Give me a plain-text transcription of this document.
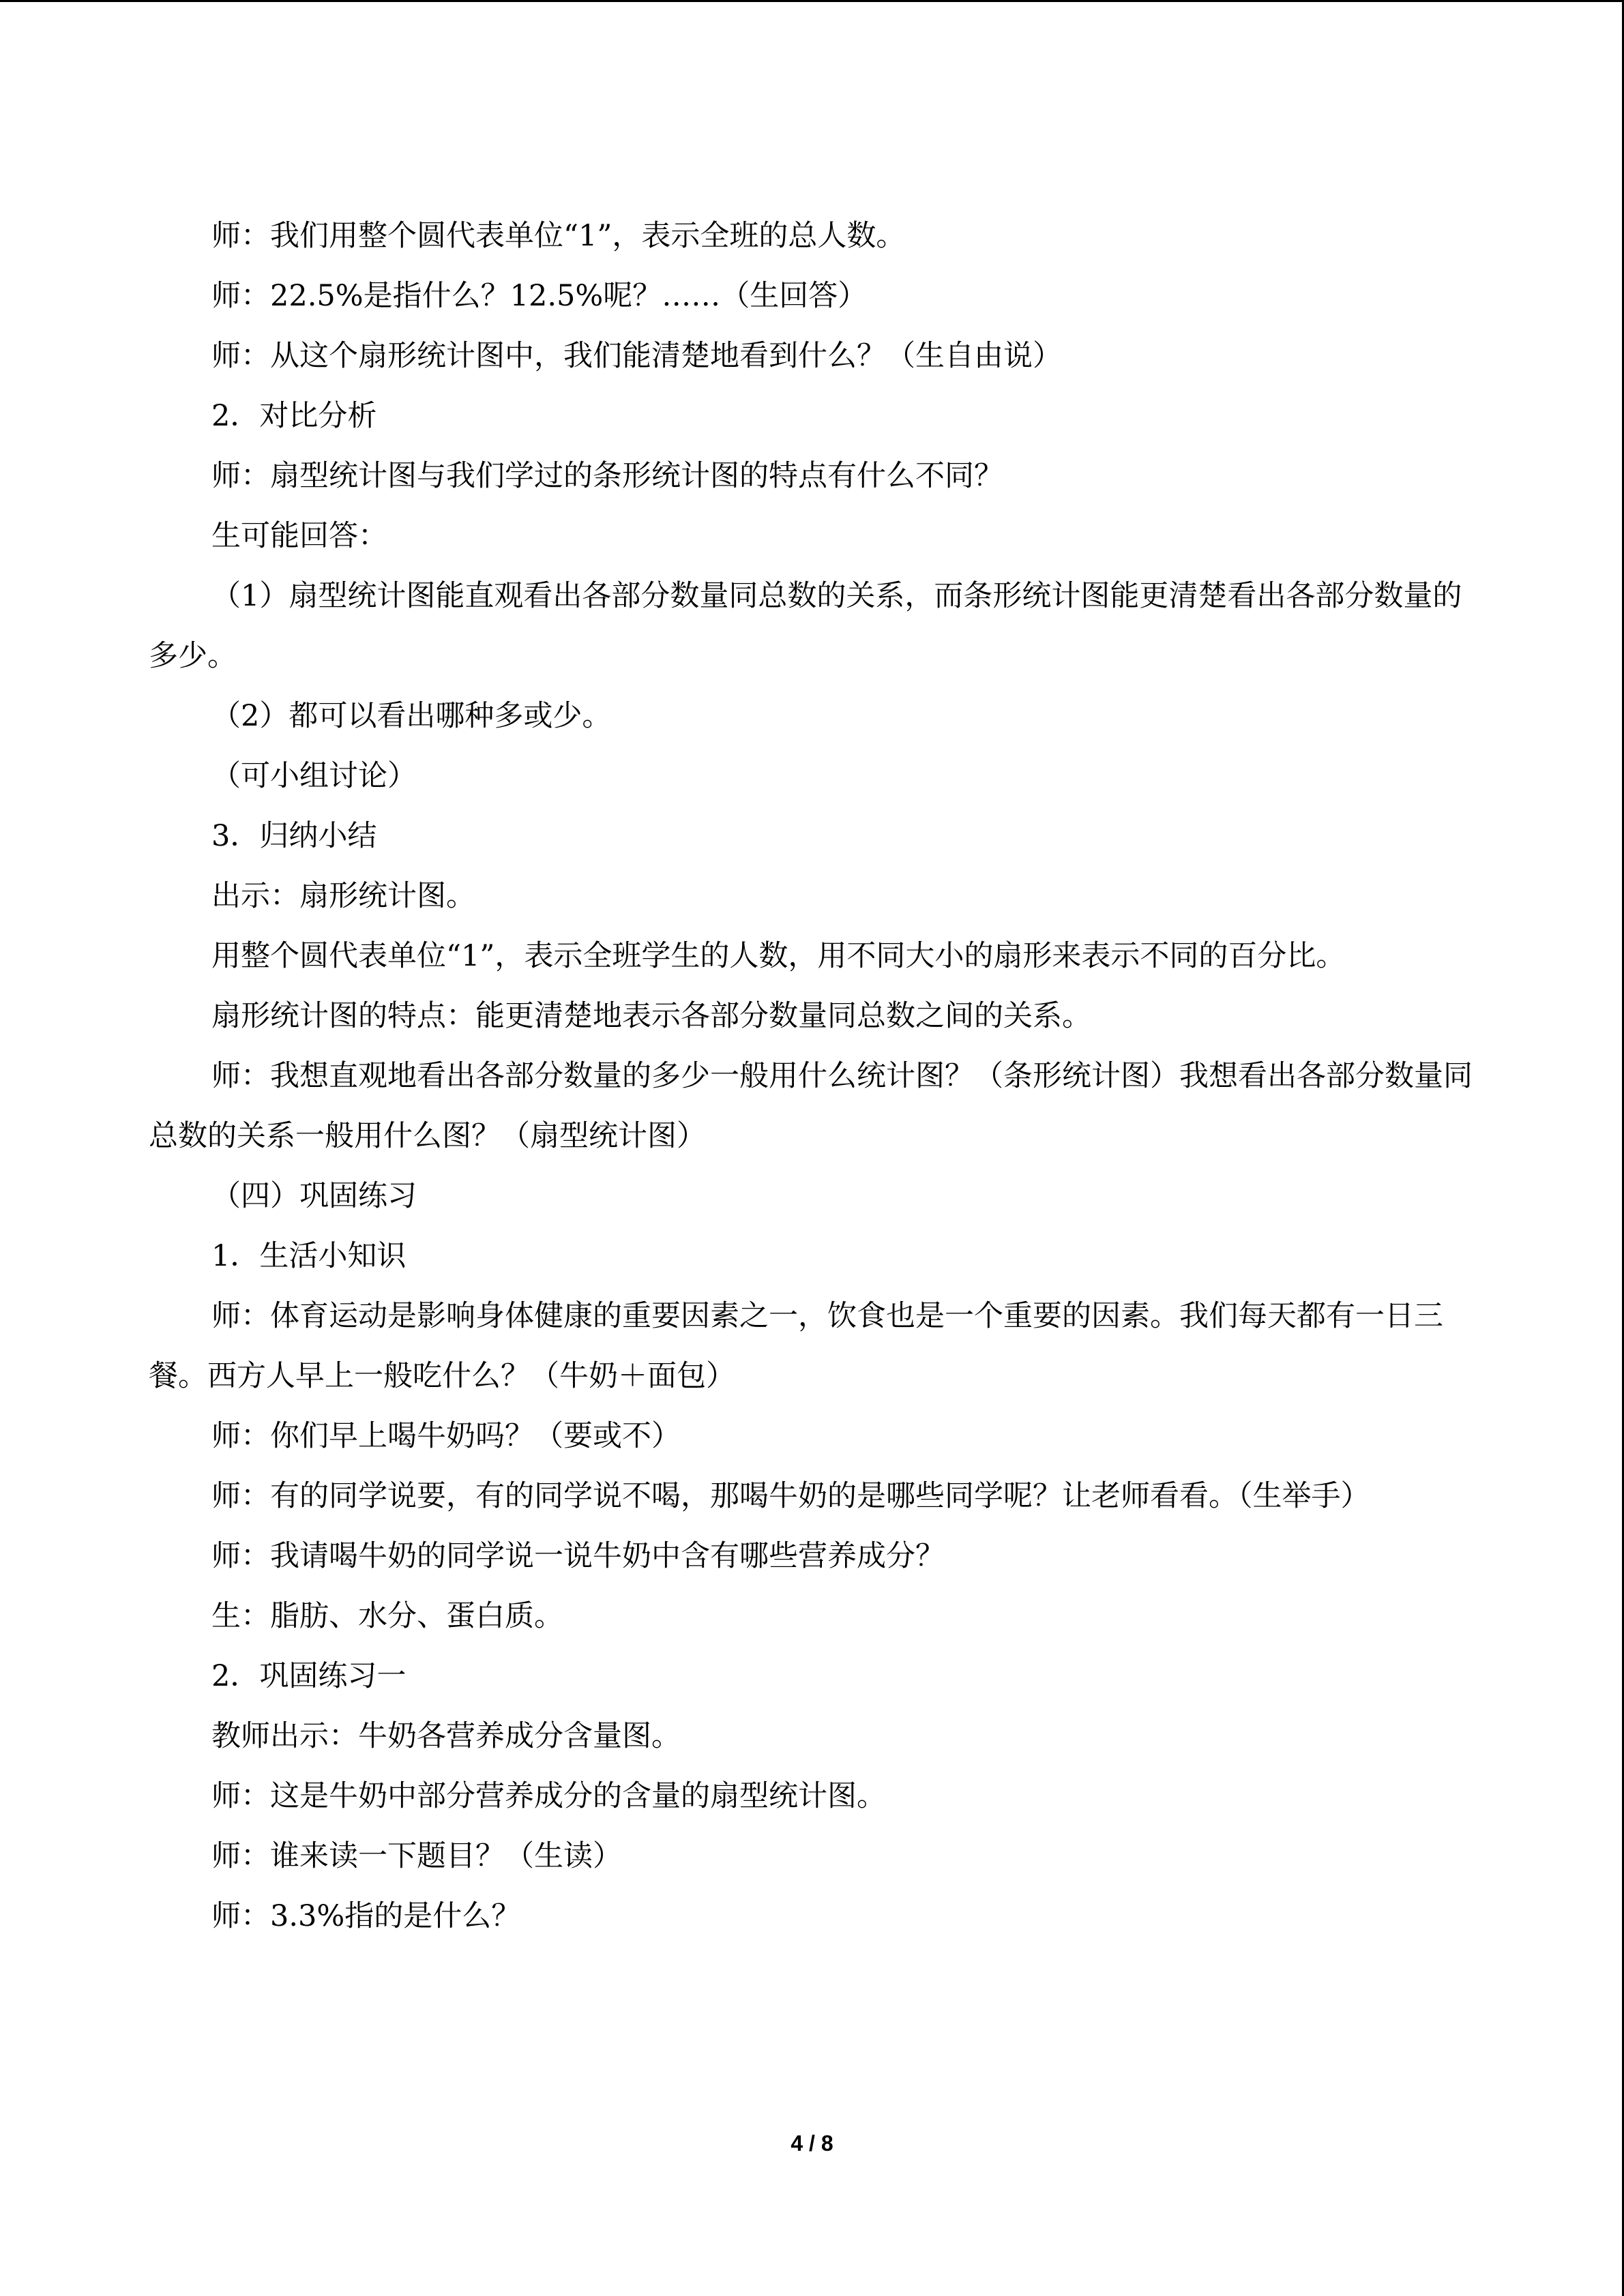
师：我们用整个圆代表单位“1”，表示全班的总人数。

师：22.5%是指什么？12.5%呢？……（生回答）

师：从这个扇形统计图中，我们能清楚地看到什么？（生自由说）

2．对比分析

师：扇型统计图与我们学过的条形统计图的特点有什么不同？

生可能回答：

（1）扇型统计图能直观看出各部分数量同总数的关系，而条形统计图能更清楚看出各部分数量的多少。

（2）都可以看出哪种多或少。

（可小组讨论）

3．归纳小结

出示：扇形统计图。

用整个圆代表单位“1”，表示全班学生的人数，用不同大小的扇形来表示不同的百分比。

扇形统计图的特点：能更清楚地表示各部分数量同总数之间的关系。

师：我想直观地看出各部分数量的多少一般用什么统计图？（条形统计图）我想看出各部分数量同总数的关系一般用什么图？（扇型统计图）

（四）巩固练习

1．生活小知识

师：体育运动是影响身体健康的重要因素之一，饮食也是一个重要的因素。我们每天都有一日三餐。西方人早上一般吃什么？（牛奶＋面包）

师：你们早上喝牛奶吗？（要或不）

师：有的同学说要，有的同学说不喝，那喝牛奶的是哪些同学呢？让老师看看。（生举手）

师：我请喝牛奶的同学说一说牛奶中含有哪些营养成分？

生：脂肪、水分、蛋白质。

2．巩固练习一

教师出示：牛奶各营养成分含量图。

师：这是牛奶中部分营养成分的含量的扇型统计图。

师：谁来读一下题目？（生读）

师：3.3%指的是什么？

4 / 8
